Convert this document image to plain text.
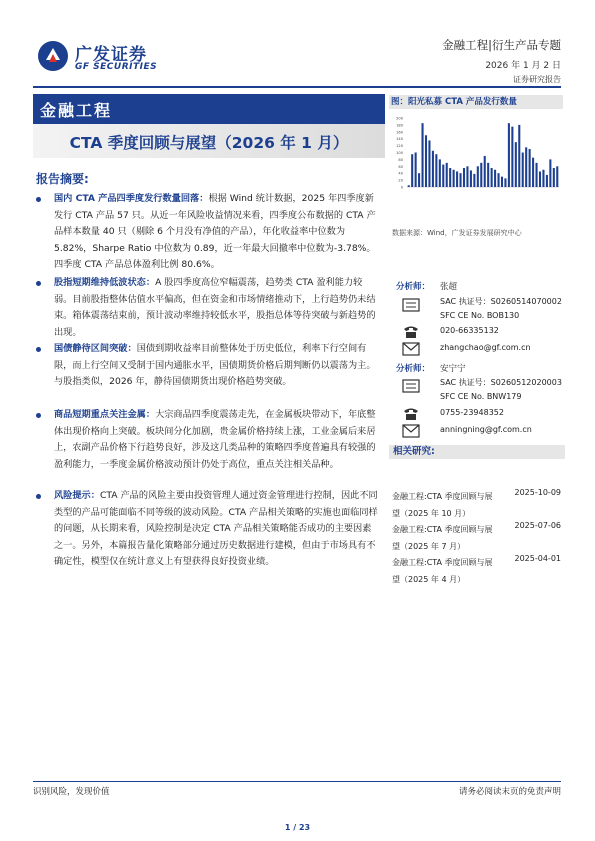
广发证券
GF SECURITIES
金融工程|衍生产品专题
2026 年 1 月 2 日
证券研究报告
金融工程
CTA 季度回顾与展望（2026 年 1 月）
报告摘要:
国内 CTA 产品四季度发行数量回落：根据 Wind 统计数据，2025 年四季度新发行 CTA 产品 57 只。从近一年风险收益情况来看，四季度公布数据的 CTA 产品样本数量 40 只（剔除 6 个月没有净值的产品），年化收益率中位数为 5.82%，Sharpe Ratio 中位数为 0.89，近一年最大回撤率中位数为-3.78%。四季度 CTA 产品总体盈利比例 80.6%。
股指短期维持低波状态：A 股四季度高位窄幅震荡，趋势类 CTA 盈利能力较弱。目前股指整体估值水平偏高，但在资金和市场情绪推动下，上行趋势仍未结束。箱体震荡结束前，预计波动率维持较低水平，股指总体等待突破与新趋势的出现。
国债静待区间突破：国债到期收益率目前整体处于历史低位，利率下行空间有限，而上行空间又受制于国内通胀水平，国债期货价格后期判断仍以震荡为主。与股指类似，2026 年，静待国债期货出现价格趋势突破。
商品短期重点关注金属：大宗商品四季度震荡走先，在金属板块带动下，年底整体出现价格向上突破。板块间分化加剧，贵金属价格持续上涨，工业金属后来居上，农副产品价格下行趋势良好，涉及这几类品种的策略四季度普遍具有较强的盈利能力，一季度金属价格波动预计仍处于高位，重点关注相关品种。
风险提示：CTA 产品的风险主要由投资管理人通过资金管理进行控制，因此不同类型的产品可能面临不同等级的波动风险。CTA 产品相关策略的实施也面临同样的问题，从长期来看，风险控制是决定 CTA 产品相关策略能否成功的主要因素之一。另外，本篇报告量化策略部分通过历史数据进行建模，但由于市场具有不确定性，模型仅在统计意义上有望获得良好投资业绩。
图：阳光私募 CTA 产品发行数量
200
180
160
140
120
100
80
60
40
20
0
数据来源：Wind，广发证券发展研究中心
分析师： 张超
SAC 执证号：S0260514070002
SFC CE No. BOB130
020-66335132
zhangchao@gf.com.cn
分析师： 安宁宁
SAC 执证号：S0260512020003
SFC CE No. BNW179
0755-23948352
anningning@gf.com.cn
相关研究:
金融工程:CTA 季度回顾与展
望（2025 年 10 月）
2025-10-09
金融工程:CTA 季度回顾与展
望（2025 年 7 月）
2025-07-06
金融工程:CTA 季度回顾与展
望（2025 年 4 月）
2025-04-01
识别风险，发现价值	请务必阅读末页的免责声明
1 / 23
